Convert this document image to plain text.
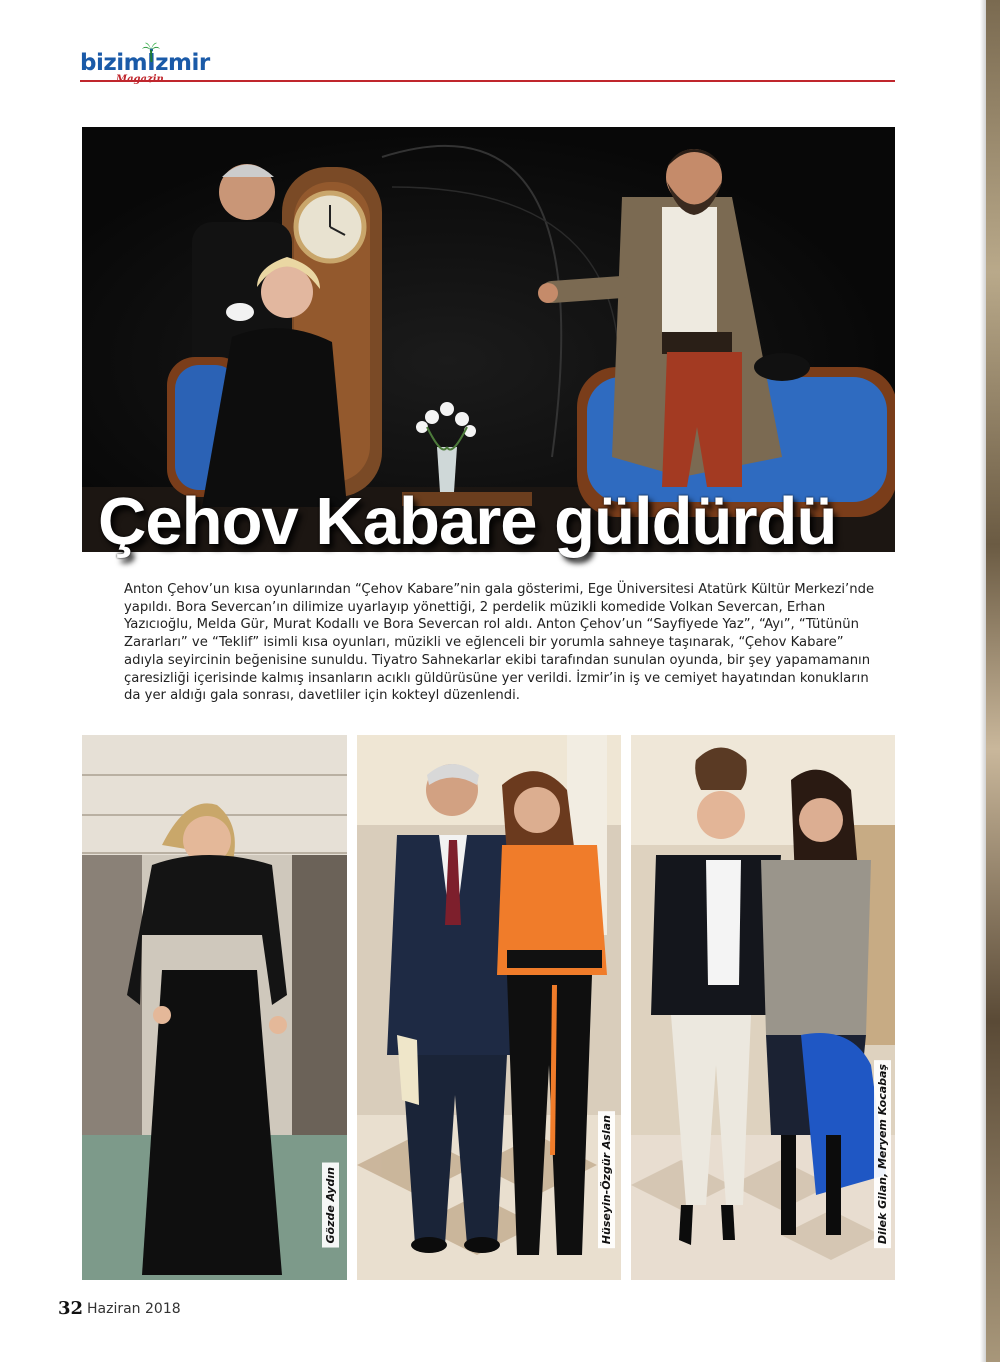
bizimİzmir
Çehov Kabare güldürdü

Anton Çehov’un kısa oyunlarından “Çehov Kabare”nin gala gösterimi, Ege Üniversitesi Atatürk Kültür Merkezi’nde yapıldı. Bora Severcan’ın dilimize uyarlayıp yönettiği, 2 perdelik müzikli komedide Volkan Severcan, Erhan Yazıcıoğlu, Melda Gür, Murat Kodallı ve Bora Severcan rol aldı. Anton Çehov’un “Sayfiyede Yaz”, “Ayı”, “Tütünün Zararları” ve “Teklif” isimli kısa oyunları, müzikli ve eğlenceli bir yorumla sahneye taşınarak, “Çehov Kabare” adıyla seyircinin beğenisine sunuldu. Tiyatro Sahnekarlar ekibi tarafından sunulan oyunda, bir şey yapamamanın çaresizliği içerisinde kalmış insanların acıklı güldürüsüne yer verildi. İzmir’in iş ve cemiyet hayatından konukların da yer aldığı gala sonrası, davetliler için kokteyl düzenlendi.

Gözde Aydın	Hüseyin-Özgür Aslan	Dilek Gilan, Meryem Kocabaş
32 Haziran 2018
